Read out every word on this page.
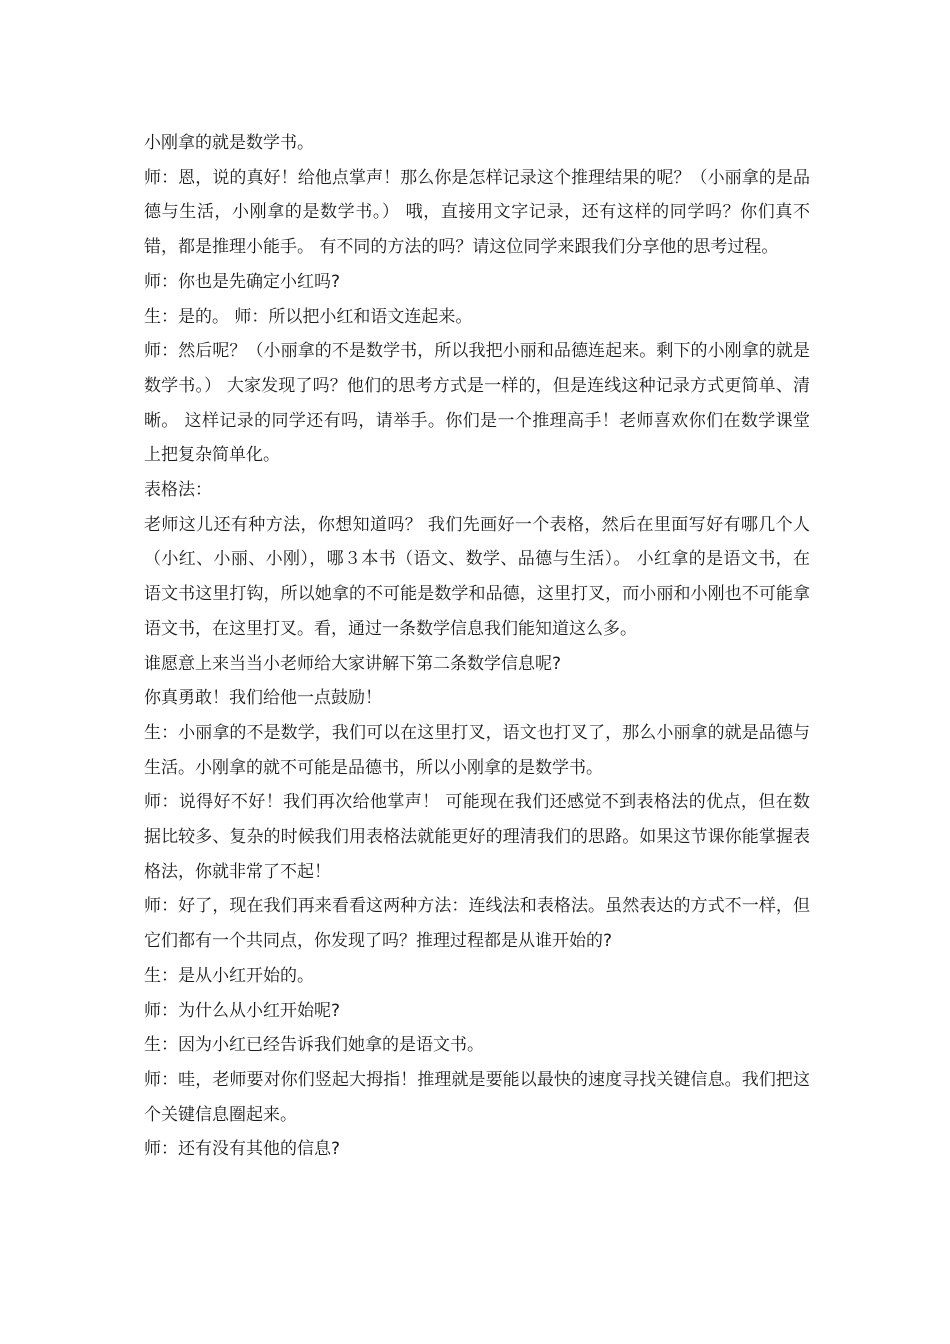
小刚拿的就是数学书。

师：恩，说的真好！给他点掌声！那么你是怎样记录这个推理结果的呢？（小丽拿的是品德与生活，小刚拿的是数学书。） 哦，直接用文字记录，还有这样的同学吗？你们真不错，都是推理小能手。 有不同的方法的吗？请这位同学来跟我们分享他的思考过程。

师：你也是先确定小红吗?

生：是的。 师：所以把小红和语文连起来。

师：然后呢？（小丽拿的不是数学书，所以我把小丽和品德连起来。剩下的小刚拿的就是数学书。） 大家发现了吗？他们的思考方式是一样的，但是连线这种记录方式更简单、清晰。 这样记录的同学还有吗，请举手。你们是一个推理高手！老师喜欢你们在数学课堂上把复杂简单化。

表格法：

老师这儿还有种方法，你想知道吗？ 我们先画好一个表格，然后在里面写好有哪几个人（小红、小丽、小刚），哪３本书（语文、数学、品德与生活）。 小红拿的是语文书，在语文书这里打钩，所以她拿的不可能是数学和品德，这里打叉，而小丽和小刚也不可能拿语文书，在这里打叉。看，通过一条数学信息我们能知道这么多。

谁愿意上来当当小老师给大家讲解下第二条数学信息呢?

你真勇敢！我们给他一点鼓励！

生：小丽拿的不是数学，我们可以在这里打叉，语文也打叉了，那么小丽拿的就是品德与生活。小刚拿的就不可能是品德书，所以小刚拿的是数学书。

师：说得好不好！我们再次给他掌声！ 可能现在我们还感觉不到表格法的优点，但在数据比较多、复杂的时候我们用表格法就能更好的理清我们的思路。如果这节课你能掌握表格法，你就非常了不起！

师：好了，现在我们再来看看这两种方法：连线法和表格法。虽然表达的方式不一样，但它们都有一个共同点，你发现了吗？推理过程都是从谁开始的?

生：是从小红开始的。

师：为什么从小红开始呢?

生：因为小红已经告诉我们她拿的是语文书。

师：哇，老师要对你们竖起大拇指！推理就是要能以最快的速度寻找关键信息。我们把这个关键信息圈起来。

师：还有没有其他的信息?
